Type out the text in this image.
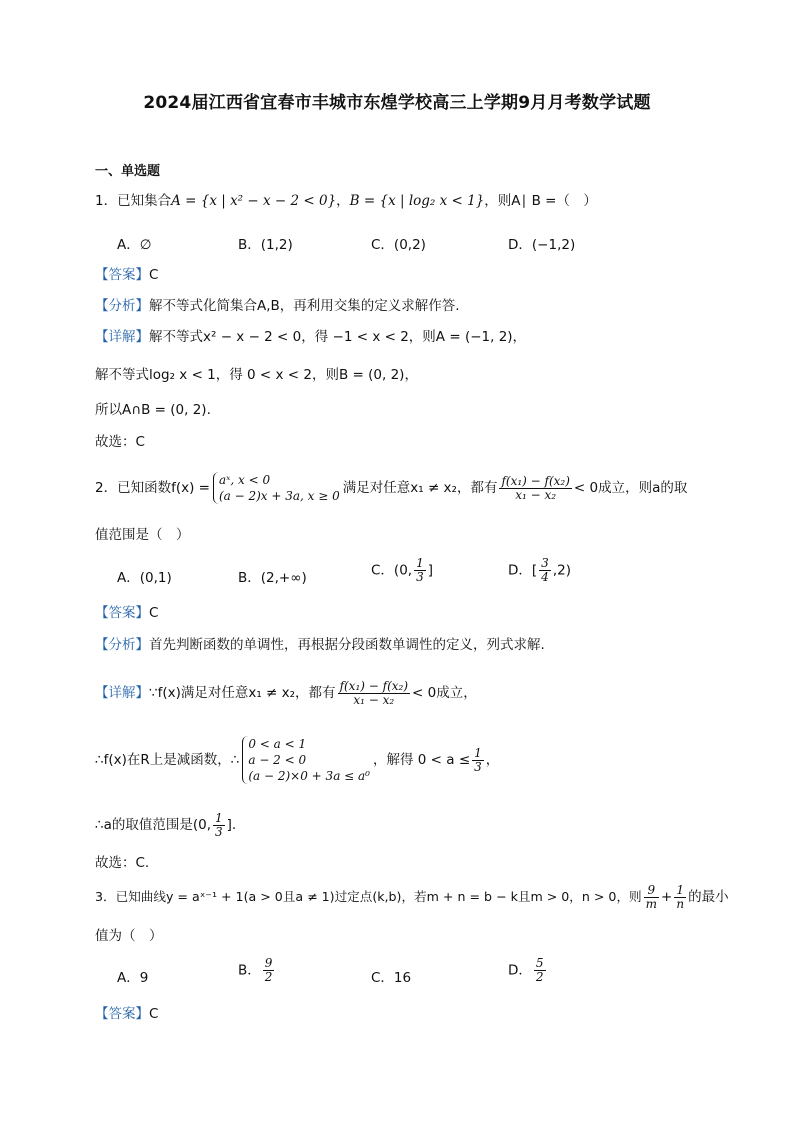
2024届江西省宜春市丰城市东煌学校高三上学期9月月考数学试题
一、单选题
1．已知集合A = {x | x² − x − 2 < 0}，B = {x | log₂ x < 1}，则A∣ B =（　）
A．∅	B．(1,2)	C．(0,2)	D．(−1,2)
【答案】C
【分析】解不等式化简集合A,B，再利用交集的定义求解作答.
【详解】解不等式x² − x − 2 < 0，得 −1 < x < 2，则A = (−1, 2)，
解不等式log₂ x < 1，得 0 < x < 2，则B = (0, 2)，
所以A∩B = (0, 2).
故选：C
2．已知函数f(x) = aˣ, x < 0
(a − 2)x + 3a, x ≥ 0 满足对任意x₁ ≠ x₂，都有 $\frac{\text{f(x₁) − f(x₂)}}{\text{x₁ − x₂}} < 0$成立，则a的取
值范围是（　）
A．(0,1)	B．(2,+∞)	C．(0, $\frac{1}{3}$ ]	D．[ $\frac{3}{4} ,2$)
【答案】C
【分析】首先判断函数的单调性，再根据分段函数单调性的定义，列式求解.
【详解】∵f(x)满足对任意x₁ ≠ x₂，都有 $\frac{\text{f(x₁) − f(x₂)}}{\text{x₁ − x₂}} < 0$成立，
∴f(x)在R上是减函数，∴
0 < a < 1
a − 2 < 0
(a − 2)×0 + 3a ≤ a⁰
，解得 $0 < a \le \frac{1}{3}$ ，
∴a的取值范围是(0, $\frac{1}{3}$ ].
故选：C.
3．已知曲线y = aˣ⁻¹ + 1(a > 0且a ≠ 1)过定点(k,b)，若m + n = b − k且m > 0，n > 0，则 $\frac{9}{m} + \frac{1}{n}$ 的最小
值为（　）
A．9	B． $\frac{9}{2}$	C．16	D． $\frac{5}{2}$
【答案】C
